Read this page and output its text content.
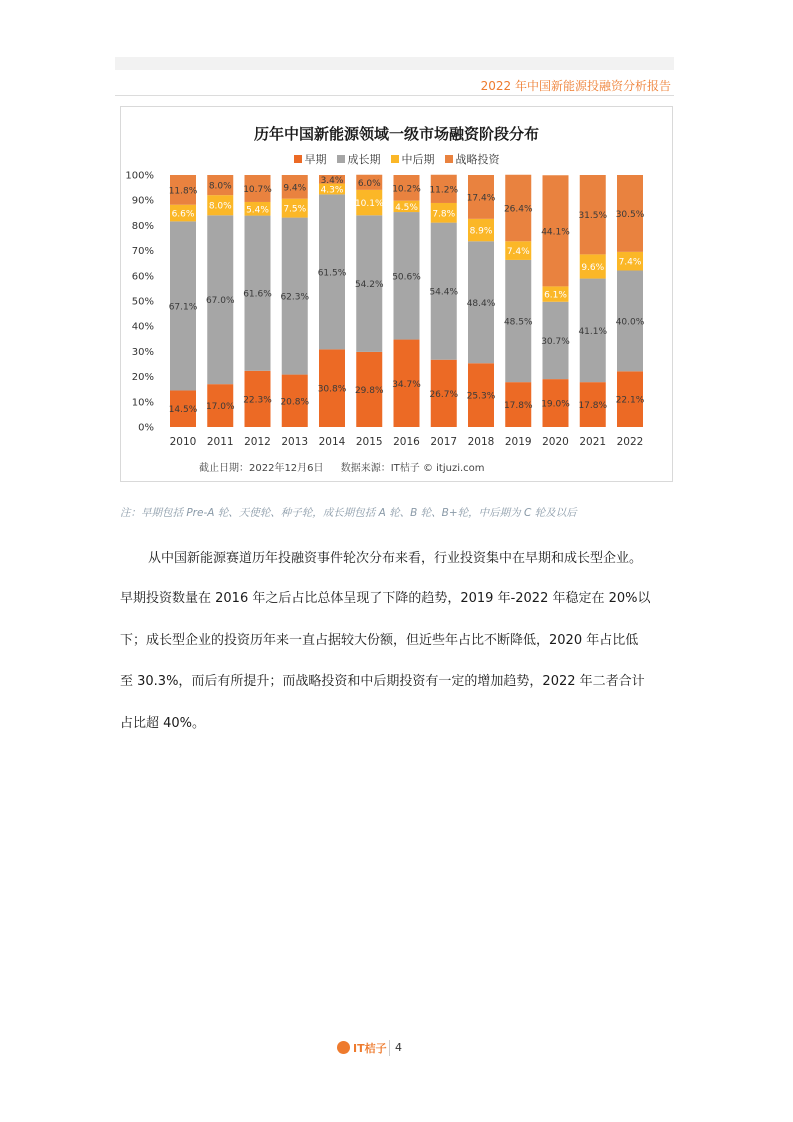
2022 年中国新能源投融资分析报告
0%
10%
20%
30%
40%
50%
60%
70%
80%
90%
100%
14.5%
67.1%
6.6%
11.8%
2010
17.0%
67.0%
8.0%
8.0%
2011
22.3%
61.6%
5.4%
10.7%
2012
20.8%
62.3%
7.5%
9.4%
2013
30.8%
61.5%
4.3%
3.4%
2014
29.8%
54.2%
10.1%
6.0%
2015
34.7%
50.6%
4.5%
10.2%
2016
26.7%
54.4%
7.8%
11.2%
2017
25.3%
48.4%
8.9%
17.4%
2018
17.8%
48.5%
7.4%
26.4%
2019
19.0%
30.7%
6.1%
44.1%
2020
17.8%
41.1%
9.6%
31.5%
2021
22.1%
40.0%
7.4%
30.5%
2022
历年中国新能源领域一级市场融资阶段分布
早期 成长期 中后期 战略投资
截止日期：2022年12月6日 数据来源：IT桔子 © itjuzi.com
注：早期包括 Pre-A 轮、天使轮、种子轮，成长期包括 A 轮、B 轮、B+轮，中后期为 C 轮及以后
从中国新能源赛道历年投融资事件轮次分布来看，行业投资集中在早期和成长型企业。
早期投资数量在 2016 年之后占比总体呈现了下降的趋势，2019 年-2022 年稳定在 20%以
下；成长型企业的投资历年来一直占据较大份额，但近些年占比不断降低，2020 年占比低
至 30.3%，而后有所提升；而战略投资和中后期投资有一定的增加趋势，2022 年二者合计
占比超 40%。
IT桔子 4
